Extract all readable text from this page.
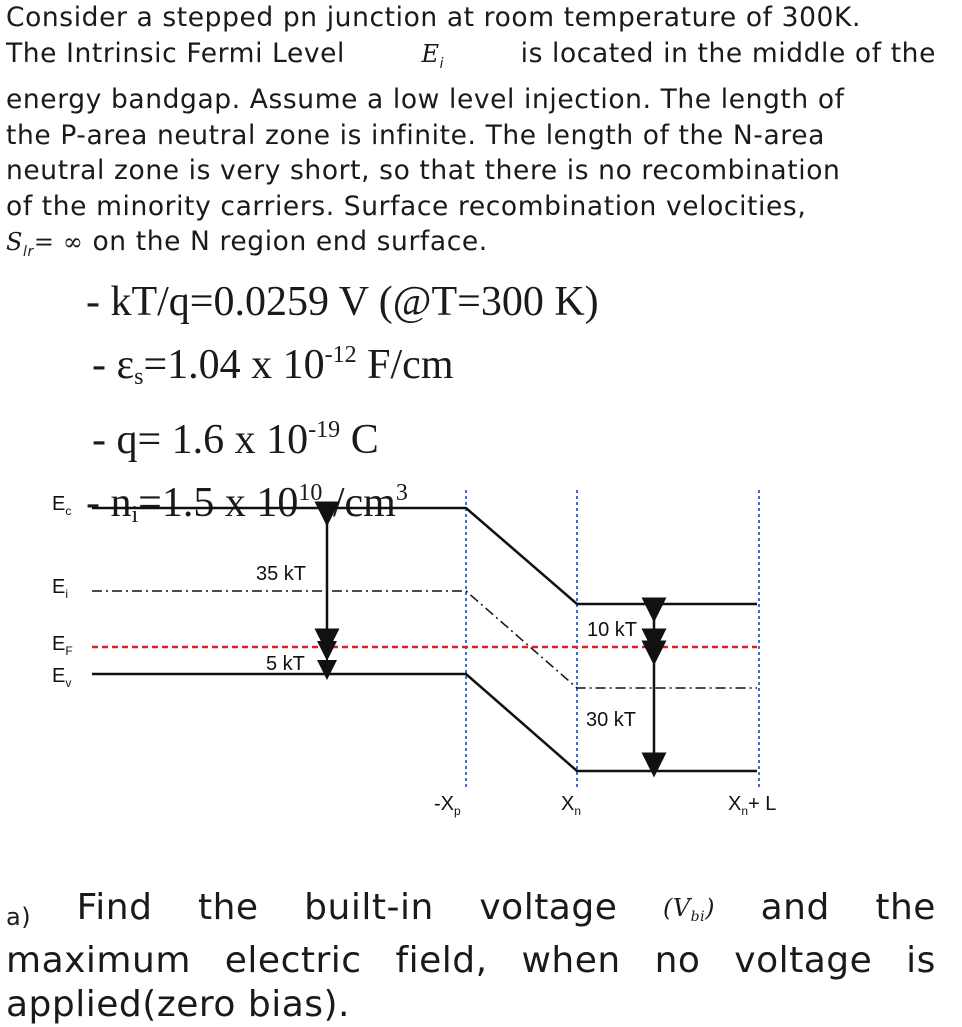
Consider a stepped pn junction at room temperature of 300K.
The Intrinsic Fermi Level	$E_i$	is located in the middle of the
energy bandgap. Assume a low level injection. The length of
the P-area neutral zone is infinite. The length of the N-area
neutral zone is very short, so that there is no recombination
of the minority carriers. Surface recombination velocities,
$S_{lr}=$ ∞ on the N region end surface.
- kT/q=0.0259 V (@T=300 K)
- $\varepsilon_s=1.04$ x $10^{-12}$ F/cm
- q= 1.6 x $10^{-19}$ C
- $n_i=1.5$ x $10^{10}$ $/cm^3$
$E_c$
$E_i$
$E_F$
$E_v$
35 kT
5 kT
10 kT
30 kT
$-X_p$	$X_n$	$X_n+ L$
a) Find the built-in voltage $(V_{bi})$ and the
maximum electric field, when no voltage is
applied(zero bias).
